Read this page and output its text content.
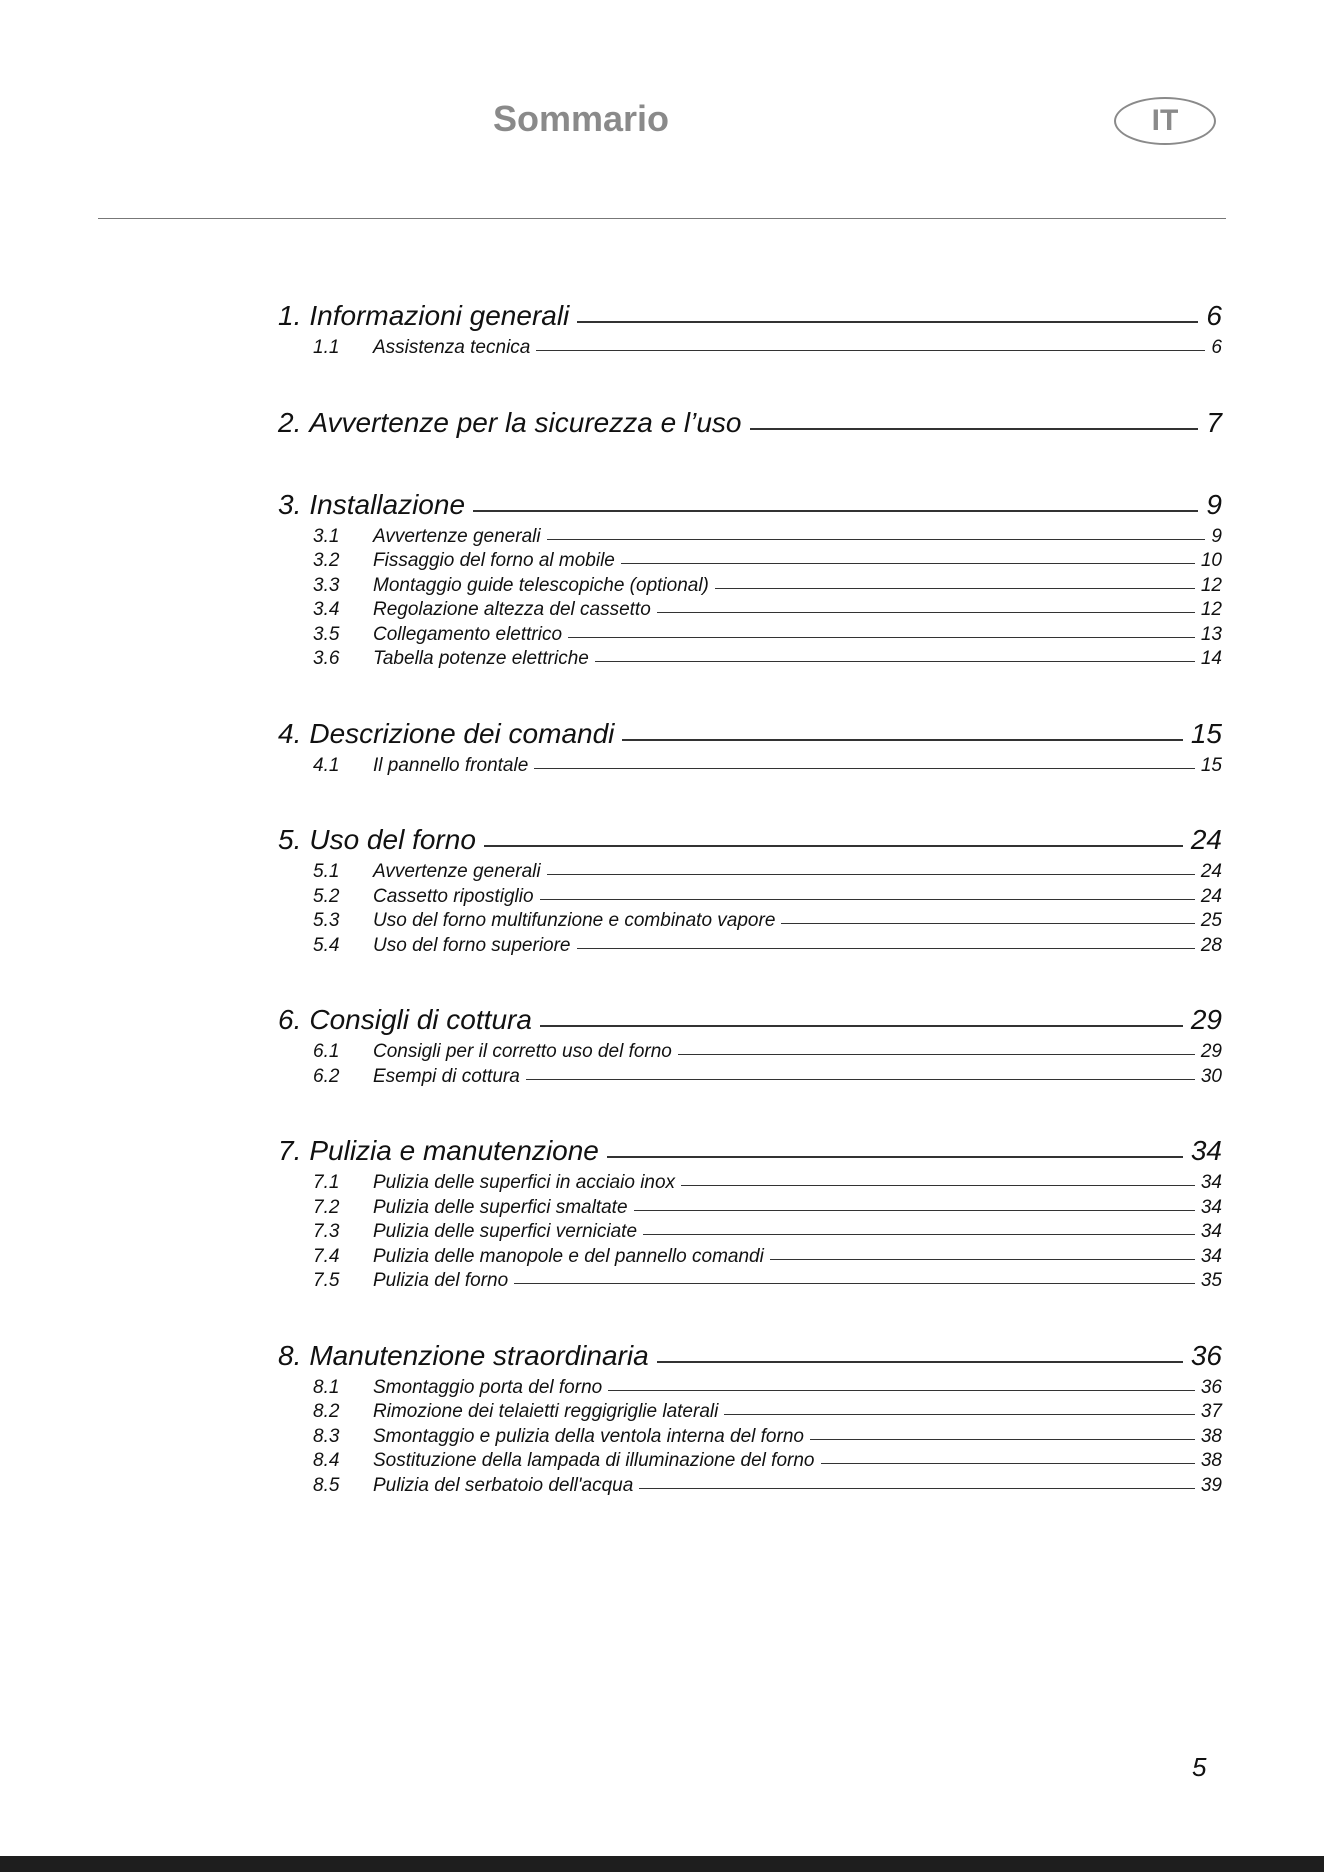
Sommario	IT
1. Informazioni generali	6
1.1	Assistenza tecnica	6
2. Avvertenze per la sicurezza e l’uso	7
3. Installazione	9
3.1	Avvertenze generali	9
3.2	Fissaggio del forno al mobile	10
3.3	Montaggio guide telescopiche (optional)	12
3.4	Regolazione altezza del cassetto	12
3.5	Collegamento elettrico	13
3.6	Tabella potenze elettriche	14
4. Descrizione dei comandi	15
4.1	Il pannello frontale	15
5. Uso del forno	24
5.1	Avvertenze generali	24
5.2	Cassetto ripostiglio	24
5.3	Uso del forno multifunzione e combinato vapore	25
5.4	Uso del forno superiore	28
6. Consigli di cottura	29
6.1	Consigli per il corretto uso del forno	29
6.2	Esempi di cottura	30
7. Pulizia e manutenzione	34
7.1	Pulizia delle superfici in acciaio inox	34
7.2	Pulizia delle superfici smaltate	34
7.3	Pulizia delle superfici verniciate	34
7.4	Pulizia delle manopole e del pannello comandi	34
7.5	Pulizia del forno	35
8. Manutenzione straordinaria	36
8.1	Smontaggio porta del forno	36
8.2	Rimozione dei telaietti reggigriglie laterali	37
8.3	Smontaggio e pulizia della ventola interna del forno	38
8.4	Sostituzione della lampada di illuminazione del forno	38
8.5	Pulizia del serbatoio dell'acqua	39
5
